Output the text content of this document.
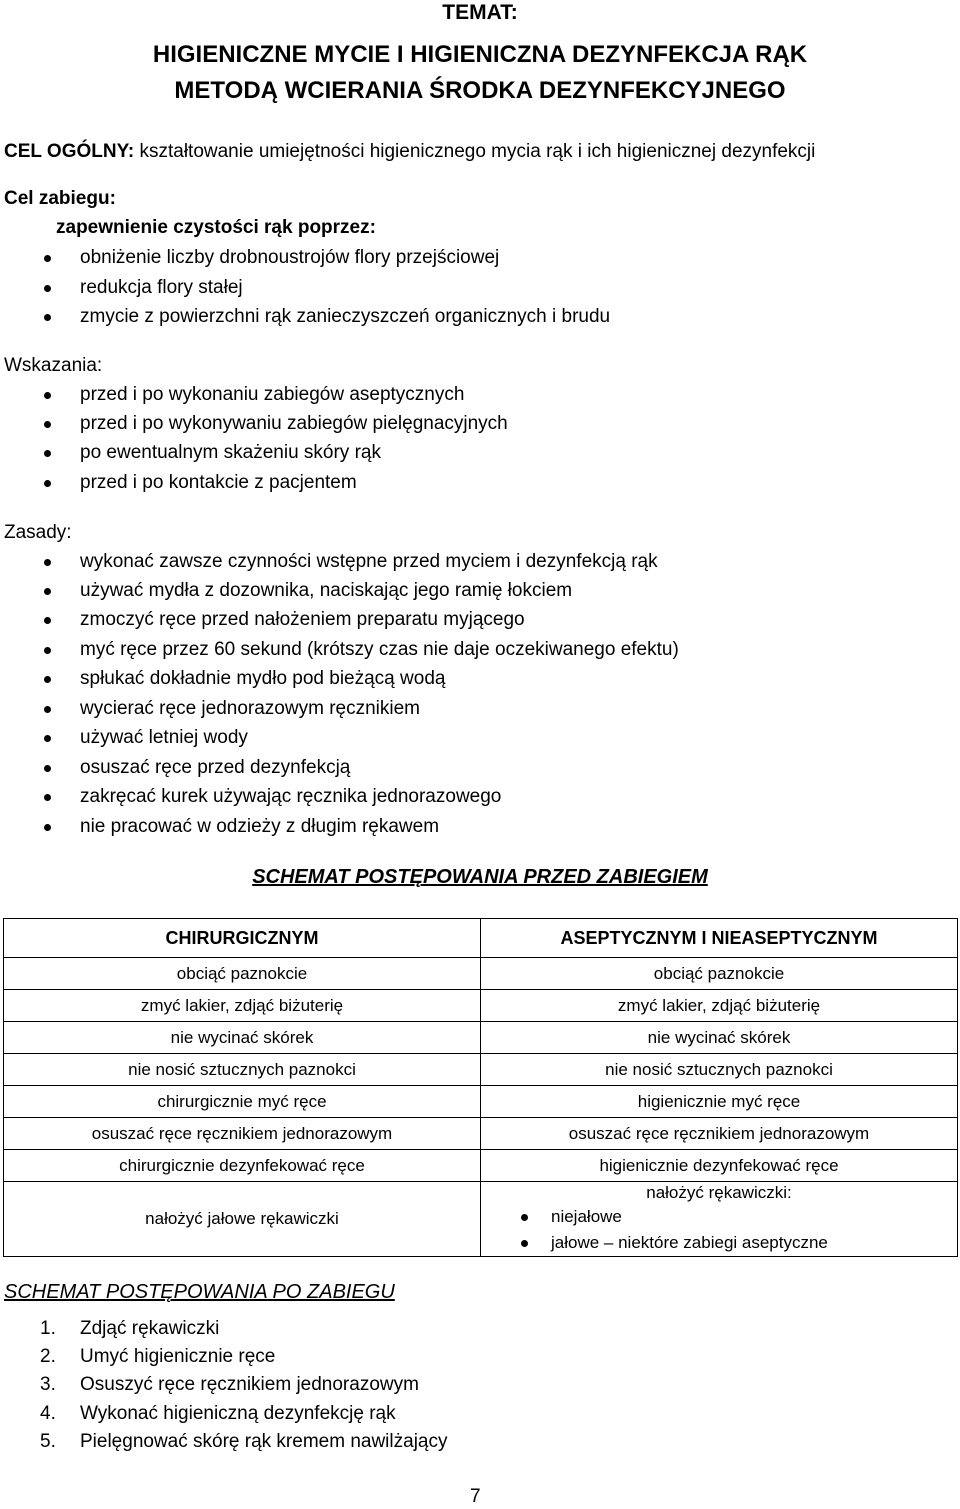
TEMAT:
HIGIENICZNE MYCIE I HIGIENICZNA DEZYNFEKCJA RĄK
METODĄ WCIERANIA ŚRODKA DEZYNFEKCYJNEGO
CEL OGÓLNY: kształtowanie umiejętności higienicznego mycia rąk i ich higienicznej dezynfekcji
Cel zabiegu:
zapewnienie czystości rąk poprzez:
obniżenie liczby drobnoustrojów flory przejściowej
redukcja flory stałej
zmycie z powierzchni rąk zanieczyszczeń organicznych i brudu
Wskazania:
przed i po wykonaniu zabiegów aseptycznych
przed i po wykonywaniu zabiegów pielęgnacyjnych
po ewentualnym skażeniu skóry rąk
przed i po kontakcie z pacjentem
Zasady:
wykonać zawsze czynności wstępne przed myciem i dezynfekcją rąk
używać mydła z dozownika, naciskając jego ramię łokciem
zmoczyć ręce przed nałożeniem preparatu myjącego
myć ręce przez 60 sekund (krótszy czas nie daje oczekiwanego efektu)
spłukać dokładnie mydło pod bieżącą wodą
wycierać ręce jednorazowym ręcznikiem
używać letniej wody
osuszać ręce przed dezynfekcją
zakręcać kurek używając ręcznika jednorazowego
nie pracować w odzieży z długim rękawem
SCHEMAT POSTĘPOWANIA PRZED ZABIEGIEM
CHIRURGICZNYM	ASEPTYCZNYM I NIEASEPTYCZNYM
obciąć paznokcie	obciąć paznokcie
zmyć lakier, zdjąć biżuterię	zmyć lakier, zdjąć biżuterię
nie wycinać skórek	nie wycinać skórek
nie nosić sztucznych paznokci	nie nosić sztucznych paznokci
chirurgicznie myć ręce	higienicznie myć ręce
osuszać ręce ręcznikiem jednorazowym	osuszać ręce ręcznikiem jednorazowym
chirurgicznie dezynfekować ręce	higienicznie dezynfekować ręce
nałożyć jałowe rękawiczki	nałożyć rękawiczki:
niejałowe
jałowe – niektóre zabiegi aseptyczne
SCHEMAT POSTĘPOWANIA PO ZABIEGU
1. Zdjąć rękawiczki
2. Umyć higienicznie ręce
3. Osuszyć ręce ręcznikiem jednorazowym
4. Wykonać higieniczną dezynfekcję rąk
5. Pielęgnować skórę rąk kremem nawilżający
7
